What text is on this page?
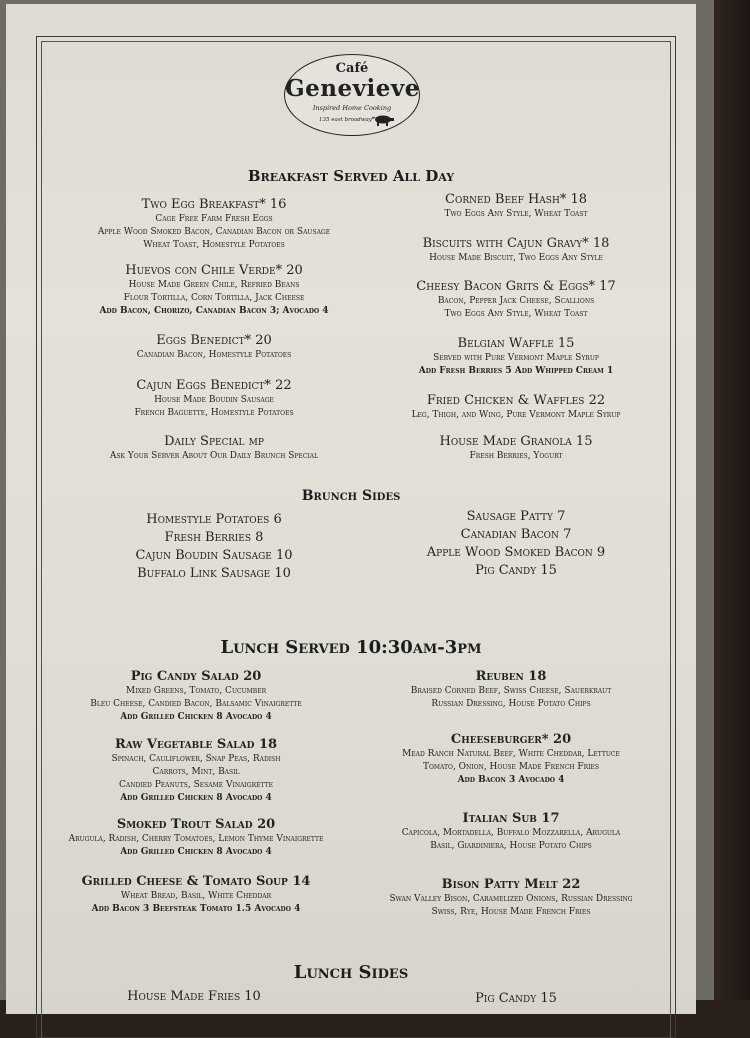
Café
Genevieve
Inspired Home Cooking
135 east broadway
Breakfast Served All Day
Two Egg Breakfast* 16
Cage Free Farm Fresh Eggs
Apple Wood Smoked Bacon, Canadian Bacon or Sausage
Wheat Toast, Homestyle Potatoes
Huevos con Chile Verde* 20
House Made Green Chile, Refried Beans
Flour Tortilla, Corn Tortilla, Jack Cheese
Add Bacon, Chorizo, Canadian Bacon 3; Avocado 4
Eggs Benedict* 20
Canadian Bacon, Homestyle Potatoes
Cajun Eggs Benedict* 22
House Made Boudin Sausage
French Baguette, Homestyle Potatoes
Daily Special mp
Ask Your Server About Our Daily Brunch Special
Corned Beef Hash* 18
Two Eggs Any Style, Wheat Toast
Biscuits with Cajun Gravy* 18
House Made Biscuit, Two Eggs Any Style
Cheesy Bacon Grits & Eggs* 17
Bacon, Pepper Jack Cheese, Scallions
Two Eggs Any Style, Wheat Toast
Belgian Waffle 15
Served with Pure Vermont Maple Syrup
Add Fresh Berries 5 Add Whipped Cream 1
Fried Chicken & Waffles 22
Leg, Thigh, and Wing, Pure Vermont Maple Syrup
House Made Granola 15
Fresh Berries, Yogurt
Brunch Sides
Homestyle Potatoes 6
Fresh Berries 8
Cajun Boudin Sausage 10
Buffalo Link Sausage 10
Sausage Patty 7
Canadian Bacon 7
Apple Wood Smoked Bacon 9
Pig Candy 15
Lunch Served 10:30am-3pm
Pig Candy Salad 20
Mixed Greens, Tomato, Cucumber
Bleu Cheese, Candied Bacon, Balsamic Vinaigrette
Add Grilled Chicken 8 Avocado 4
Raw Vegetable Salad 18
Spinach, Cauliflower, Snap Peas, Radish
Carrots, Mint, Basil
Candied Peanuts, Sesame Vinaigrette
Add Grilled Chicken 8 Avocado 4
Smoked Trout Salad 20
Arugula, Radish, Cherry Tomatoes, Lemon Thyme Vinaigrette
Add Grilled Chicken 8 Avocado 4
Grilled Cheese & Tomato Soup 14
Wheat Bread, Basil, White Cheddar
Add Bacon 3 Beefsteak Tomato 1.5 Avocado 4
Reuben 18
Braised Corned Beef, Swiss Cheese, Sauerkraut
Russian Dressing, House Potato Chips
Cheeseburger* 20
Mead Ranch Natural Beef, White Cheddar, Lettuce
Tomato, Onion, House Made French Fries
Add Bacon 3 Avocado 4
Italian Sub 17
Capicola, Mortadella, Buffalo Mozzarella, Arugula
Basil, Giardiniera, House Potato Chips
Bison Patty Melt 22
Swan Valley Bison, Caramelized Onions, Russian Dressing
Swiss, Rye, House Made French Fries
Lunch Sides
House Made Fries 10	Pig Candy 15
